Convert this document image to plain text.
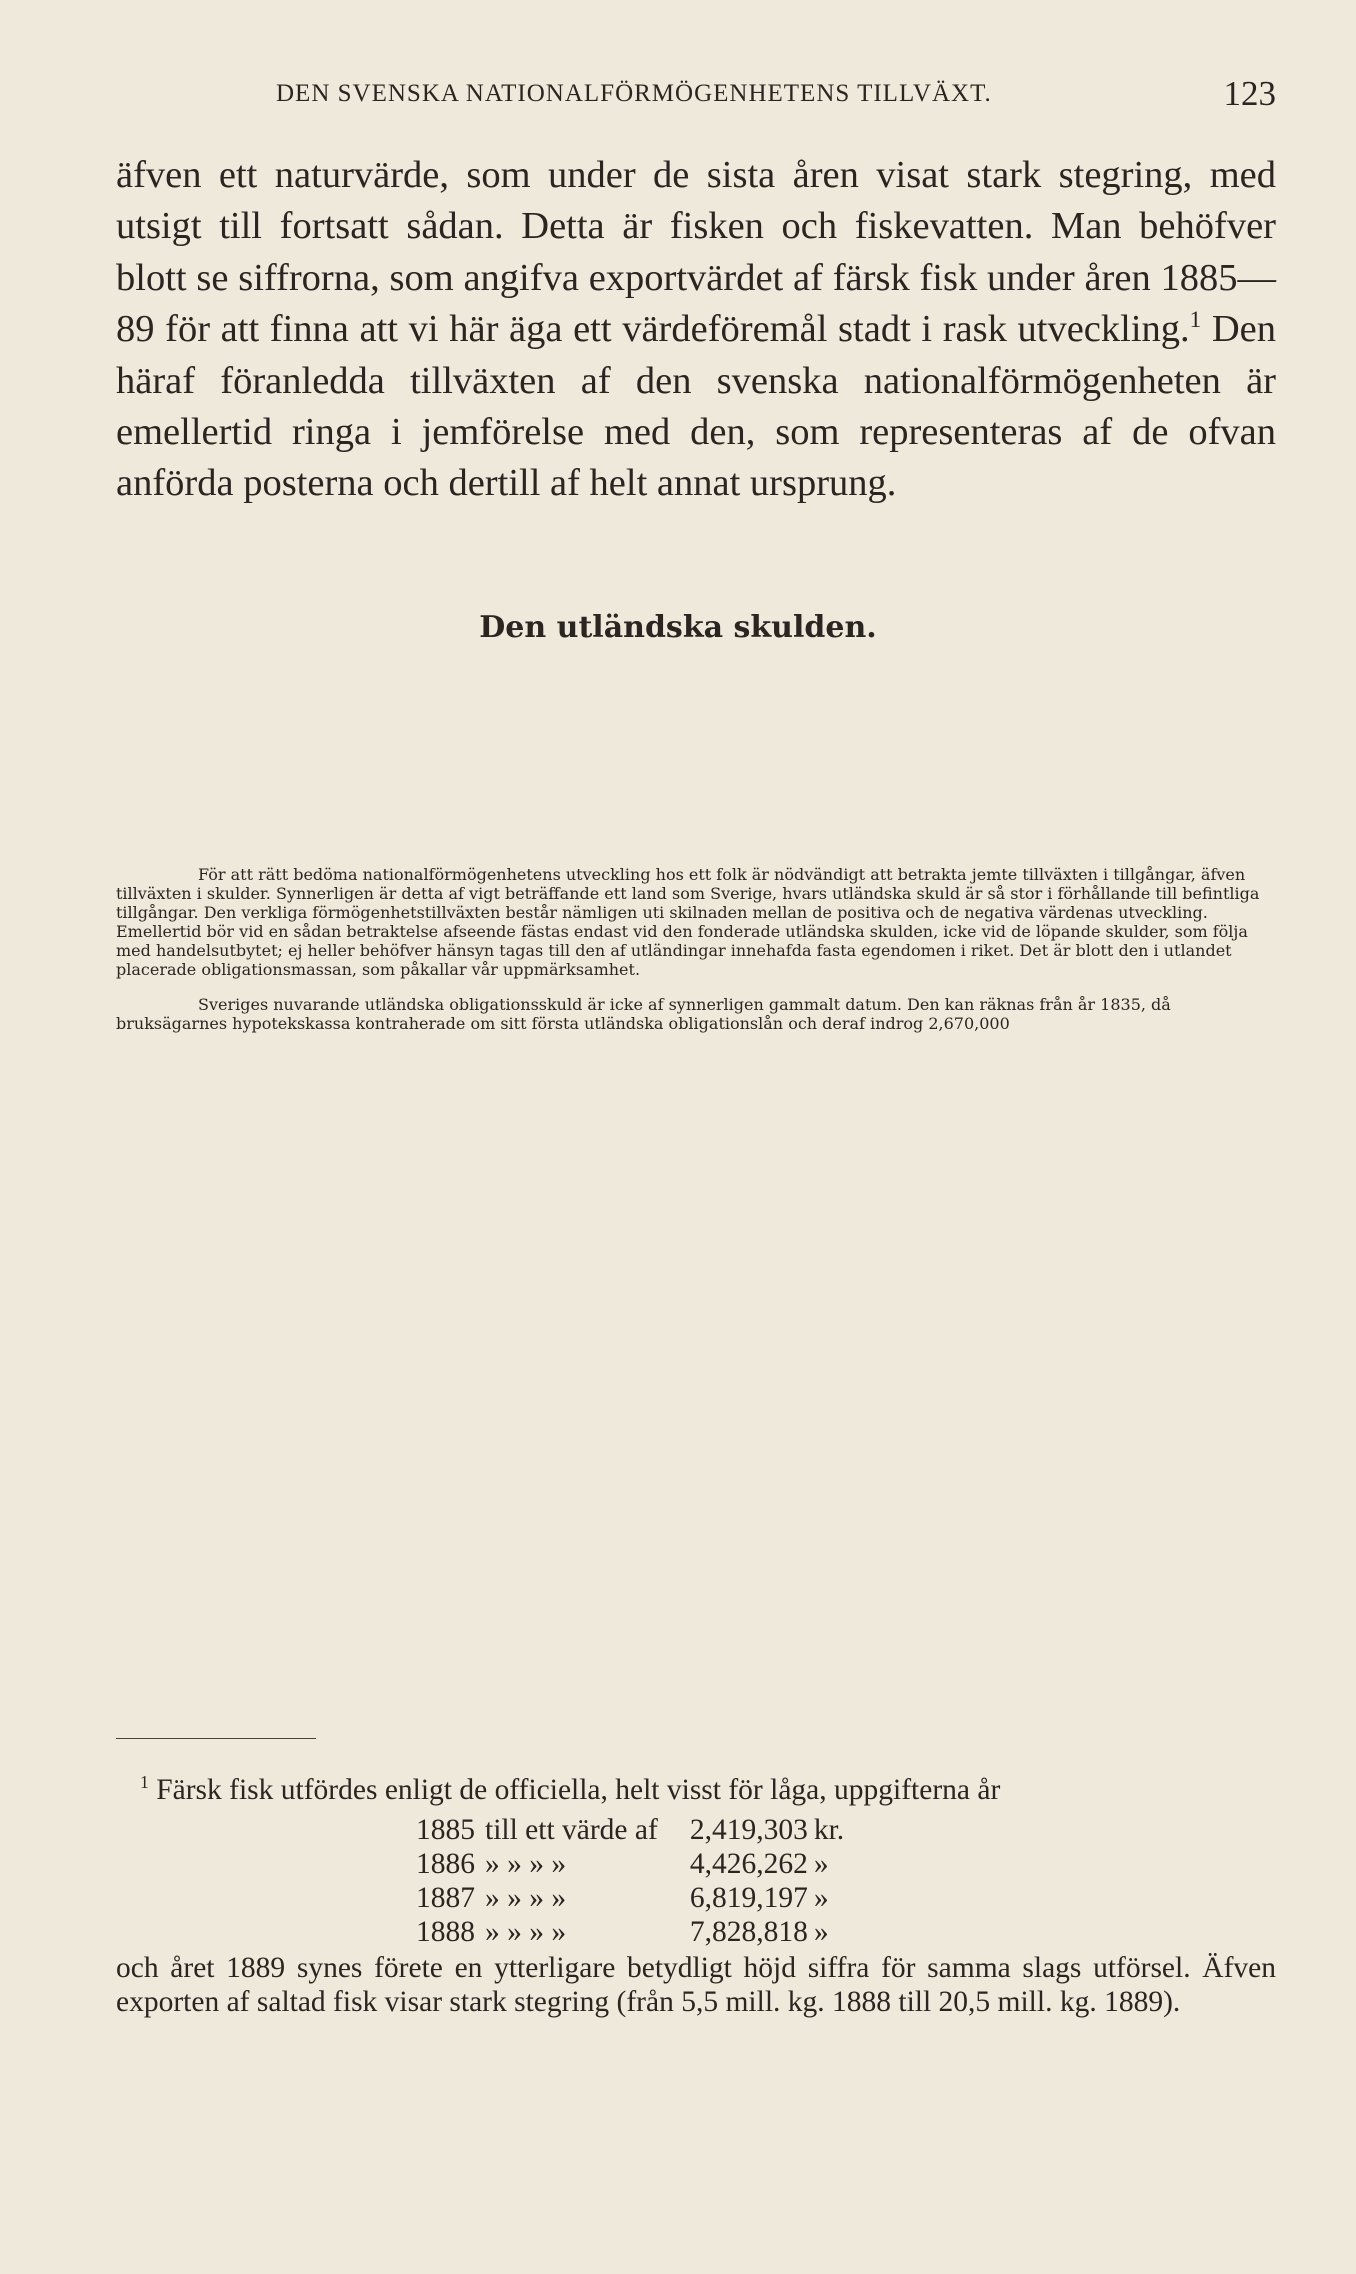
DEN SVENSKA NATIONALFÖRMÖGENHETENS TILLVÄXT.	123

äfven ett naturvärde, som under de sista åren visat stark stegring, med utsigt till fortsatt sådan. Detta är fisken och fiskevatten. Man behöfver blott se siffrorna, som angifva exportvärdet af färsk fisk under åren 1885—89 för att finna att vi här äga ett värdeföremål stadt i rask utveckling.$^1$ Den häraf föranledda tillväxten af den svenska nationalförmögenheten är emellertid ringa i jemförelse med den, som representeras af de ofvan anförda posterna och dertill af helt annat ursprung.

Den utländska skulden.

För att rätt bedöma nationalförmögenhetens utveckling hos ett folk är nödvändigt att betrakta jemte tillväxten i tillgångar, äfven tillväxten i skulder. Synnerligen är detta af vigt beträffande ett land som Sverige, hvars utländska skuld är så stor i förhållande till befintliga tillgångar. Den verkliga förmögenhetstillväxten består nämligen uti skilnaden mellan de positiva och de negativa värdenas utveckling. Emellertid bör vid en sådan betraktelse afseende fästas endast vid den fonderade utländska skulden, icke vid de löpande skulder, som följa med handelsutbytet; ej heller behöfver hänsyn tagas till den af utländingar innehafda fasta egendomen i riket. Det är blott den i utlandet placerade obligationsmassan, som påkallar vår uppmärksamhet.

Sveriges nuvarande utländska obligationsskuld är icke af synnerligen gammalt datum. Den kan räknas från år 1835, då bruksägarnes hypotekskassa kontraherade om sitt första utländska obligationslån och deraf indrog 2,670,000

$^1$ Färsk fisk utfördes enligt de officiella, helt visst för låga, uppgifterna år

1885	till ett värde af	2,419,303	kr.
1886	» » » »	4,426,262	»
1887	» » » »	6,819,197	»
1888	» » » »	7,828,818	»

och året 1889 synes förete en ytterligare betydligt höjd siffra för samma slags utförsel. Äfven exporten af saltad fisk visar stark stegring (från 5,5 mill. kg. 1888 till 20,5 mill. kg. 1889).
